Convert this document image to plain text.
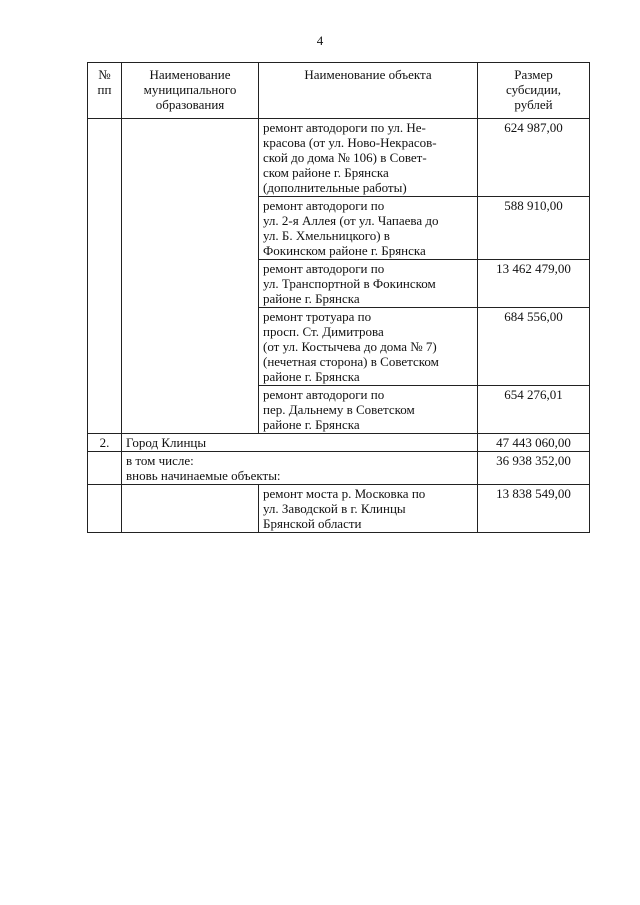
4
№
пп	Наименование
муниципального
образования	Наименование объекта	Размер
субсидии,
рублей

		ремонт автодороги по ул. Не-
красова (от ул. Ново-Некрасов-
ской до дома № 106) в Совет-
ском районе г. Брянска
(дополнительные работы)	624 987,00

		ремонт автодороги по
ул. 2-я Аллея (от ул. Чапаева до
ул. Б. Хмельницкого) в
Фокинском районе г. Брянска	588 910,00

		ремонт автодороги по
ул. Транспортной в Фокинском
районе г. Брянска	13 462 479,00

		ремонт тротуара по
просп. Ст. Димитрова
(от ул. Костычева до дома № 7)
(нечетная сторона) в Советском
районе г. Брянска	684 556,00

		ремонт автодороги по
пер. Дальнему в Советском
районе г. Брянска	654 276,01
2.	Город Клинцы		47 443 060,00

	в том числе:
вновь начинаемые объекты:		36 938 352,00

		ремонт моста р. Московка по
ул. Заводской в г. Клинцы
Брянской области	13 838 549,00
